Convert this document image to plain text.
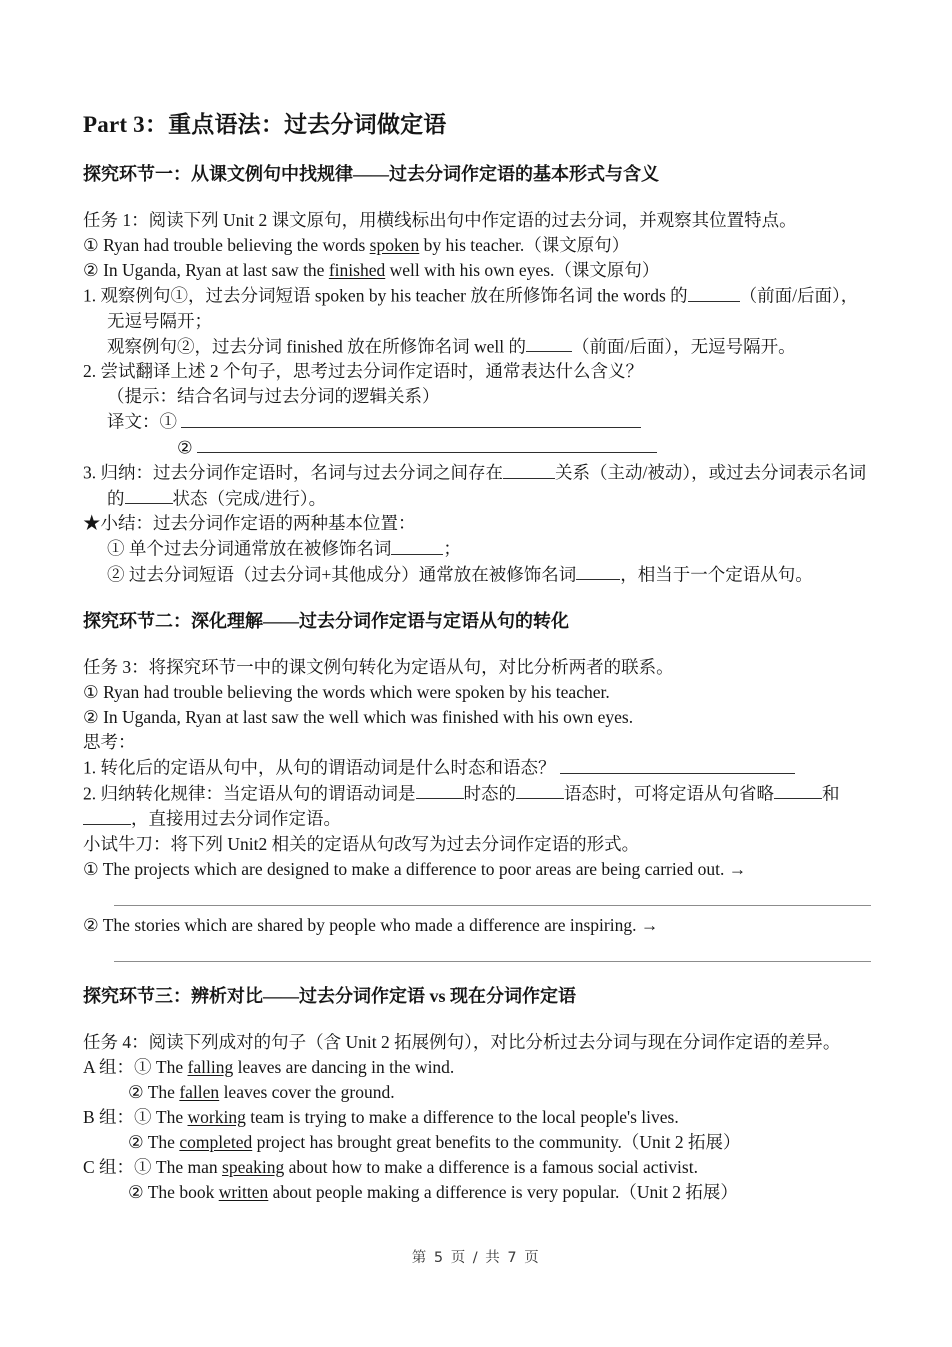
Part 3：重点语法：过去分词做定语
探究环节一：从课文例句中找规律——过去分词作定语的基本形式与含义
任务 1：阅读下列 Unit 2 课文原句，用横线标出句中作定语的过去分词，并观察其位置特点。
① Ryan had trouble believing the words spoken by his teacher.（课文原句）
② In Uganda, Ryan at last saw the finished well with his own eyes.（课文原句）
1. 观察例句①，过去分词短语 spoken by his teacher 放在所修饰名词 the words 的	（前面/后面），无逗号隔开；
观察例句②，过去分词 finished 放在所修饰名词 well 的	（前面/后面），无逗号隔开。
2. 尝试翻译上述 2 个句子，思考过去分词作定语时，通常表达什么含义？
（提示：结合名词与过去分词的逻辑关系）
译文：①
②
3. 归纳：过去分词作定语时，名词与过去分词之间存在	关系（主动/被动），或过去分词表示名词的	状态（完成/进行）。
★小结：过去分词作定语的两种基本位置：
① 单个过去分词通常放在被修饰名词	；
② 过去分词短语（过去分词+其他成分）通常放在被修饰名词	，相当于一个定语从句。
探究环节二：深化理解——过去分词作定语与定语从句的转化
任务 3：将探究环节一中的课文例句转化为定语从句，对比分析两者的联系。
① Ryan had trouble believing the words which were spoken by his teacher.
② In Uganda, Ryan at last saw the well which was finished with his own eyes.
思考：
1. 转化后的定语从句中，从句的谓语动词是什么时态和语态？
2. 归纳转化规律：当定语从句的谓语动词是	时态的	语态时，可将定语从句省略	和，直接用过去分词作定语。
小试牛刀：将下列 Unit2 相关的定语从句改写为过去分词作定语的形式。
① The projects which are designed to make a difference to poor areas are being carried out. →
② The stories which are shared by people who made a difference are inspiring. →
探究环节三：辨析对比——过去分词作定语 vs 现在分词作定语
任务 4：阅读下列成对的句子（含 Unit 2 拓展例句），对比分析过去分词与现在分词作定语的差异。
A 组：① The falling leaves are dancing in the wind.
② The fallen leaves cover the ground.
B 组：① The working team is trying to make a difference to the local people's lives.
② The completed project has brought great benefits to the community.（Unit 2 拓展）
C 组：① The man speaking about how to make a difference is a famous social activist.
② The book written about people making a difference is very popular.（Unit 2 拓展）
第 5 页 / 共 7 页
